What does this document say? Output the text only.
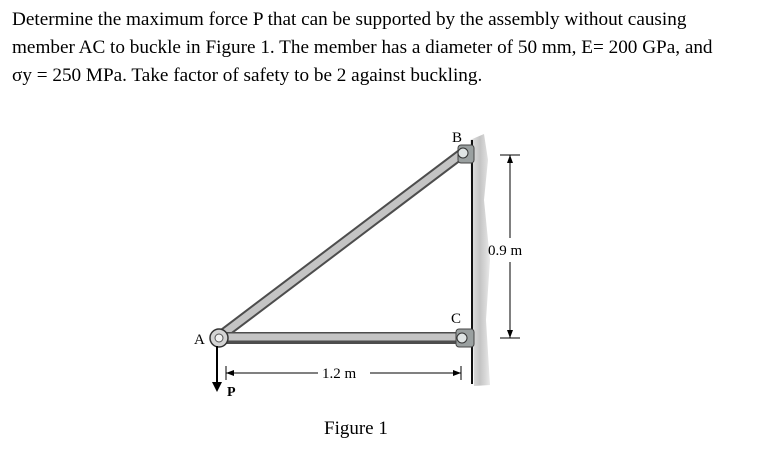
Determine the maximum force P that can be supported by the assembly without causing
member AC to buckle in Figure 1. The member has a diameter of 50 mm, E= 200 GPa, and
σy = 250 MPa. Take factor of safety to be 2 against buckling.
A
B
C
P
1.2 m
0.9 m
Figure 1
